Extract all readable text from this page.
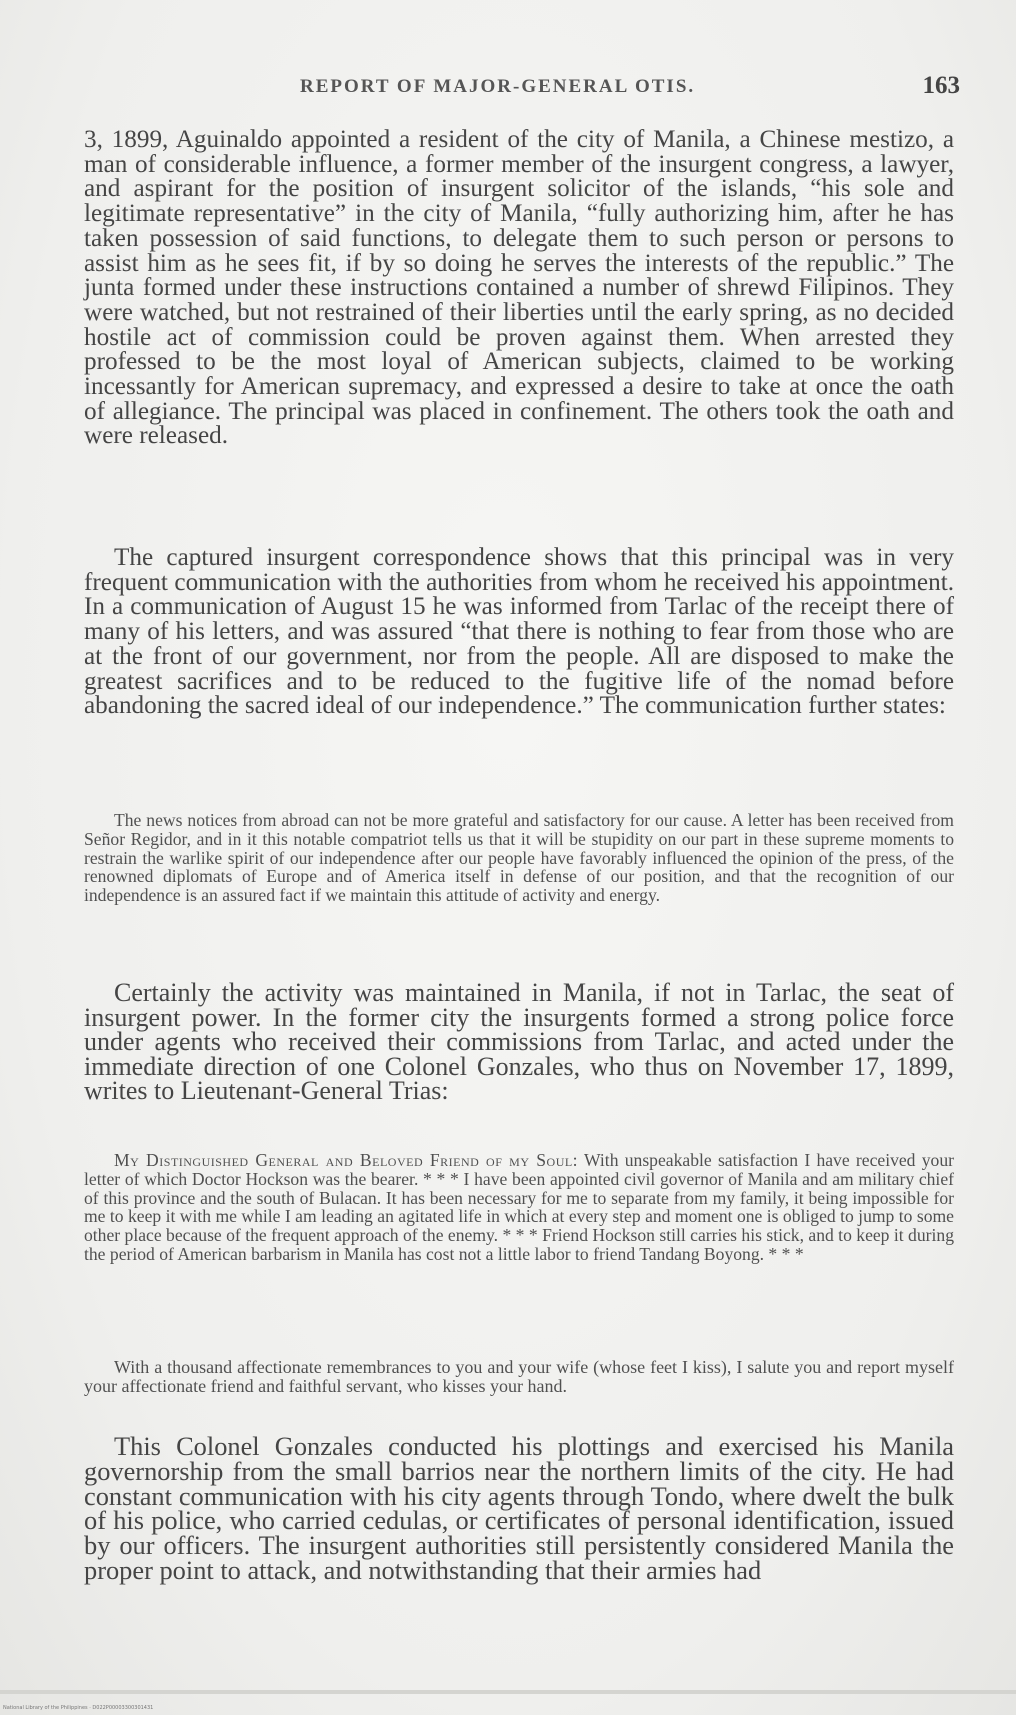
REPORT OF MAJOR-GENERAL OTIS.	163
3, 1899, Aguinaldo appointed a resident of the city of Manila, a Chinese mestizo, a man of considerable influence, a former member of the insurgent congress, a lawyer, and aspirant for the position of insurgent solicitor of the islands, “his sole and legitimate representative” in the city of Manila, “fully authorizing him, after he has taken possession of said functions, to delegate them to such person or persons to assist him as he sees fit, if by so doing he serves the interests of the republic.” The junta formed under these instructions contained a number of shrewd Filipinos. They were watched, but not restrained of their liberties until the early spring, as no decided hostile act of commission could be proven against them. When arrested they professed to be the most loyal of American subjects, claimed to be working incessantly for American supremacy, and expressed a desire to take at once the oath of allegiance. The principal was placed in confinement. The others took the oath and were released.
The captured insurgent correspondence shows that this principal was in very frequent communication with the authorities from whom he received his appointment. In a communication of August 15 he was informed from Tarlac of the receipt there of many of his letters, and was assured “that there is nothing to fear from those who are at the front of our government, nor from the people. All are disposed to make the greatest sacrifices and to be reduced to the fugitive life of the nomad before abandoning the sacred ideal of our independence.” The communication further states:
The news notices from abroad can not be more grateful and satisfactory for our cause. A letter has been received from Señor Regidor, and in it this notable compatriot tells us that it will be stupidity on our part in these supreme moments to restrain the warlike spirit of our independence after our people have favorably influenced the opinion of the press, of the renowned diplomats of Europe and of America itself in defense of our position, and that the recognition of our independence is an assured fact if we maintain this attitude of activity and energy.
Certainly the activity was maintained in Manila, if not in Tarlac, the seat of insurgent power. In the former city the insurgents formed a strong police force under agents who received their commissions from Tarlac, and acted under the immediate direction of one Colonel Gonzales, who thus on November 17, 1899, writes to Lieutenant-General Trias:
My Distinguished General and Beloved Friend of my Soul: With unspeakable satisfaction I have received your letter of which Doctor Hockson was the bearer. * * * I have been appointed civil governor of Manila and am military chief of this province and the south of Bulacan. It has been necessary for me to separate from my family, it being impossible for me to keep it with me while I am leading an agitated life in which at every step and moment one is obliged to jump to some other place because of the frequent approach of the enemy. * * * Friend Hockson still carries his stick, and to keep it during the period of American barbarism in Manila has cost not a little labor to friend Tandang Boyong. * * *
With a thousand affectionate remembrances to you and your wife (whose feet I kiss), I salute you and report myself your affectionate friend and faithful servant, who kisses your hand.
This Colonel Gonzales conducted his plottings and exercised his Manila governorship from the small barrios near the northern limits of the city. He had constant communication with his city agents through Tondo, where dwelt the bulk of his police, who carried cedulas, or certificates of personal identification, issued by our officers. The insurgent authorities still persistently considered Manila the proper point to attack, and notwithstanding that their armies had
National Library of the Philippines · D022P00003300301431
